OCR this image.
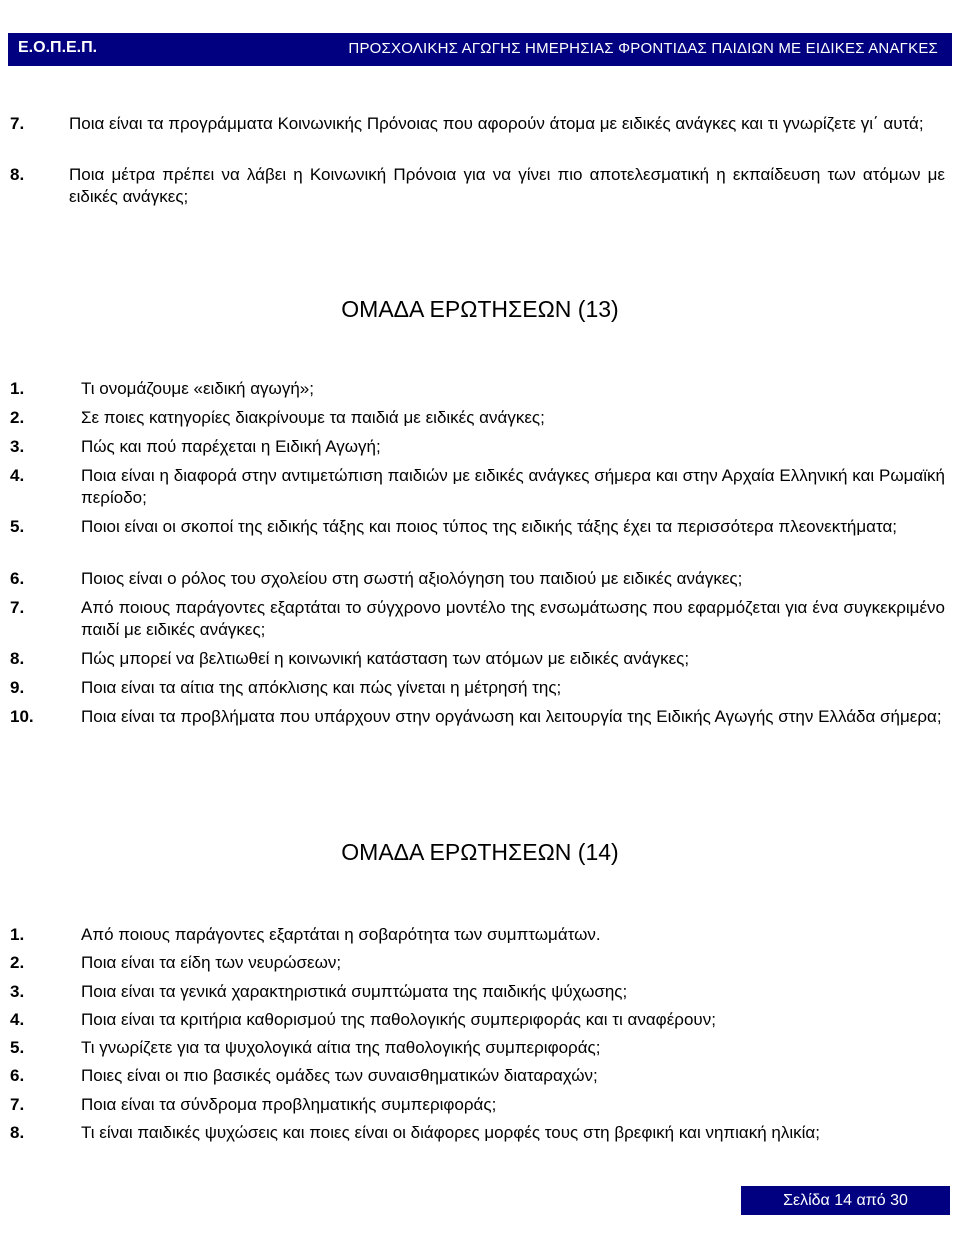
Ε.Ο.Π.Ε.Π.	ΠΡΟΣΧΟΛΙΚΗΣ ΑΓΩΓΗΣ ΗΜΕΡΗΣΙΑΣ ΦΡΟΝΤΙΔΑΣ ΠΑΙΔΙΩΝ ΜΕ ΕΙΔΙΚΕΣ ΑΝΑΓΚΕΣ
7.	Ποια είναι τα προγράμματα Κοινωνικής Πρόνοιας που αφορούν άτομα με ειδικές ανάγκες και τι γνωρίζετε γι΄ αυτά;
8.	Ποια μέτρα πρέπει να λάβει η Κοινωνική Πρόνοια για να γίνει πιο αποτελεσματική η εκπαίδευση των ατόμων με ειδικές ανάγκες;
ΟΜΑΔΑ ΕΡΩΤΗΣΕΩΝ (13)
1.	Τι ονομάζουμε «ειδική αγωγή»;
2.	Σε ποιες κατηγορίες διακρίνουμε τα παιδιά με ειδικές ανάγκες;
3.	Πώς και πού παρέχεται η Ειδική Αγωγή;
4.	Ποια είναι η διαφορά στην αντιμετώπιση παιδιών με ειδικές ανάγκες σήμερα και στην Αρχαία Ελληνική και Ρωμαϊκή περίοδο;
5.	Ποιοι είναι οι σκοποί της ειδικής τάξης και ποιος τύπος της ειδικής τάξης έχει τα περισσότερα πλεονεκτήματα;
6.	Ποιος είναι ο ρόλος του σχολείου στη σωστή αξιολόγηση του παιδιού με ειδικές ανάγκες;
7.	Από ποιους παράγοντες εξαρτάται το σύγχρονο μοντέλο της ενσωμάτωσης που εφαρμόζεται για ένα συγκεκριμένο παιδί με ειδικές ανάγκες;
8.	Πώς μπορεί να βελτιωθεί η κοινωνική κατάσταση των ατόμων με ειδικές ανάγκες;
9.	Ποια είναι τα αίτια της απόκλισης και πώς γίνεται η μέτρησή της;
10.	Ποια είναι τα προβλήματα που υπάρχουν στην οργάνωση και λειτουργία της Ειδικής Αγωγής στην Ελλάδα σήμερα;
ΟΜΑΔΑ ΕΡΩΤΗΣΕΩΝ (14)
1.	Από ποιους παράγοντες εξαρτάται η σοβαρότητα των συμπτωμάτων.
2.	Ποια είναι τα είδη των νευρώσεων;
3.	Ποια είναι τα γενικά χαρακτηριστικά συμπτώματα της παιδικής ψύχωσης;
4.	Ποια είναι τα κριτήρια καθορισμού της παθολογικής συμπεριφοράς και τι αναφέρουν;
5.	Τι γνωρίζετε για τα ψυχολογικά αίτια της παθολογικής συμπεριφοράς;
6.	Ποιες είναι οι πιο βασικές ομάδες των συναισθηματικών διαταραχών;
7.	Ποια είναι τα σύνδρομα προβληματικής συμπεριφοράς;
8.	Τι είναι παιδικές ψυχώσεις και ποιες είναι οι διάφορες μορφές τους στη βρεφική και νηπιακή ηλικία;
Σελίδα 14 από 30
